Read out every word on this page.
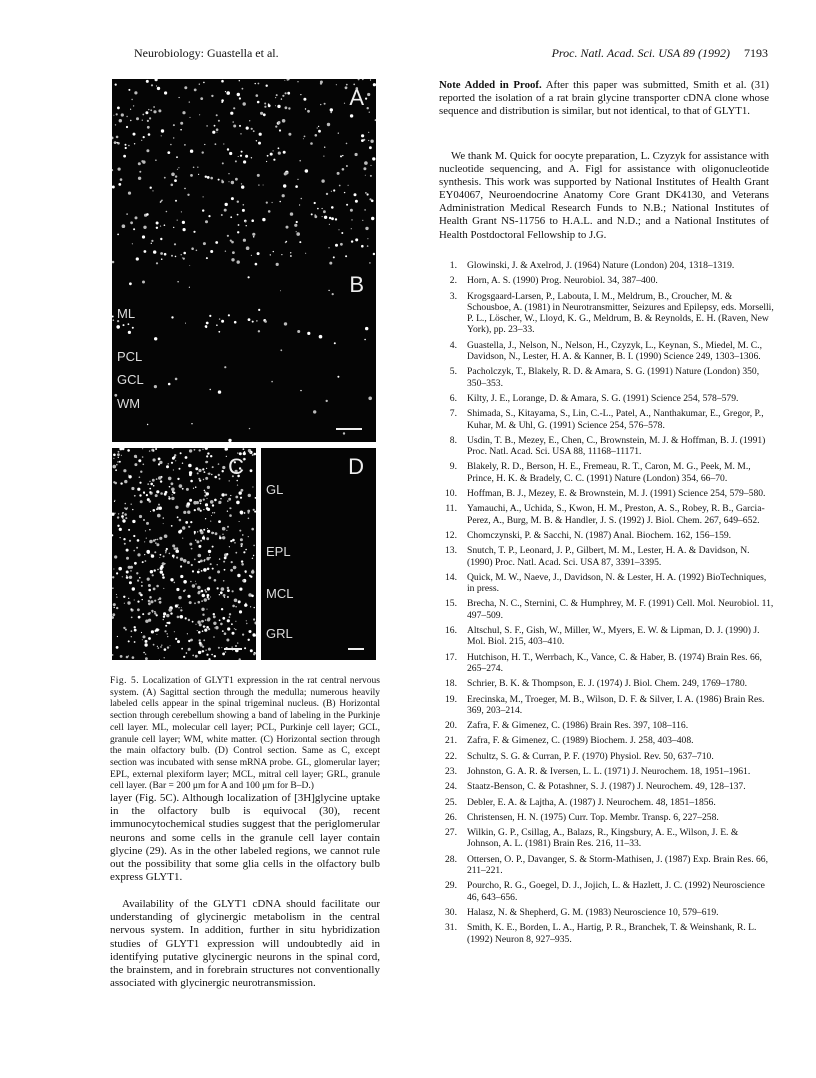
Neurobiology: Guastella et al.	Proc. Natl. Acad. Sci. USA 89 (1992) 7193
A
B
ML
PCL
GCL
WM
C	D
GL
EPL
MCL
GRL
Fig. 5. Localization of GLYT1 expression in the rat central nervous system. (A) Sagittal section through the medulla; numerous heavily labeled cells appear in the spinal trigeminal nucleus. (B) Horizontal section through cerebellum showing a band of labeling in the Purkinje cell layer. ML, molecular cell layer; PCL, Purkinje cell layer; GCL, granule cell layer; WM, white matter. (C) Horizontal section through the main olfactory bulb. (D) Control section. Same as C, except section was incubated with sense mRNA probe. GL, glomerular layer; EPL, external plexiform layer; MCL, mitral cell layer; GRL, granule cell layer. (Bar = 200 μm for A and 100 μm for B–D.)
layer (Fig. 5C). Although localization of [3H]glycine uptake in the olfactory bulb is equivocal (30), recent immunocytochemical studies suggest that the periglomerular neurons and some cells in the granule cell layer contain glycine (29). As in the other labeled regions, we cannot rule out the possibility that some glia cells in the olfactory bulb express GLYT1.
Availability of the GLYT1 cDNA should facilitate our understanding of glycinergic metabolism in the central nervous system. In addition, further in situ hybridization studies of GLYT1 expression will undoubtedly aid in identifying putative glycinergic neurons in the spinal cord, the brainstem, and in forebrain structures not conventionally associated with glycinergic neurotransmission.
Note Added in Proof. After this paper was submitted, Smith et al. (31) reported the isolation of a rat brain glycine transporter cDNA clone whose sequence and distribution is similar, but not identical, to that of GLYT1.
We thank M. Quick for oocyte preparation, L. Czyzyk for assistance with nucleotide sequencing, and A. Figl for assistance with oligonucleotide synthesis. This work was supported by National Institutes of Health Grant EY04067, Neuroendocrine Anatomy Core Grant DK4130, and Veterans Administration Medical Research Funds to N.B.; National Institutes of Health Grant NS-11756 to H.A.L. and N.D.; and a National Institutes of Health Postdoctoral Fellowship to J.G.
1. Glowinski, J. & Axelrod, J. (1964) Nature (London) 204, 1318–1319.
2. Horn, A. S. (1990) Prog. Neurobiol. 34, 387–400.
3. Krogsgaard-Larsen, P., Labouta, I. M., Meldrum, B., Croucher, M. & Schousboe, A. (1981) in Neurotransmitter, Seizures and Epilepsy, eds. Morselli, P. L., Löscher, W., Lloyd, K. G., Meldrum, B. & Reynolds, E. H. (Raven, New York), pp. 23–33.
4. Guastella, J., Nelson, N., Nelson, H., Czyzyk, L., Keynan, S., Miedel, M. C., Davidson, N., Lester, H. A. & Kanner, B. I. (1990) Science 249, 1303–1306.
5. Pacholczyk, T., Blakely, R. D. & Amara, S. G. (1991) Nature (London) 350, 350–353.
6. Kilty, J. E., Lorange, D. & Amara, S. G. (1991) Science 254, 578–579.
7. Shimada, S., Kitayama, S., Lin, C.-L., Patel, A., Nanthakumar, E., Gregor, P., Kuhar, M. & Uhl, G. (1991) Science 254, 576–578.
8. Usdin, T. B., Mezey, E., Chen, C., Brownstein, M. J. & Hoffman, B. J. (1991) Proc. Natl. Acad. Sci. USA 88, 11168–11171.
9. Blakely, R. D., Berson, H. E., Fremeau, R. T., Caron, M. G., Peek, M. M., Prince, H. K. & Bradely, C. C. (1991) Nature (London) 354, 66–70.
10. Hoffman, B. J., Mezey, E. & Brownstein, M. J. (1991) Science 254, 579–580.
11. Yamauchi, A., Uchida, S., Kwon, H. M., Preston, A. S., Robey, R. B., Garcia-Perez, A., Burg, M. B. & Handler, J. S. (1992) J. Biol. Chem. 267, 649–652.
12. Chomczynski, P. & Sacchi, N. (1987) Anal. Biochem. 162, 156–159.
13. Snutch, T. P., Leonard, J. P., Gilbert, M. M., Lester, H. A. & Davidson, N. (1990) Proc. Natl. Acad. Sci. USA 87, 3391–3395.
14. Quick, M. W., Naeve, J., Davidson, N. & Lester, H. A. (1992) BioTechniques, in press.
15. Brecha, N. C., Sternini, C. & Humphrey, M. F. (1991) Cell. Mol. Neurobiol. 11, 497–509.
16. Altschul, S. F., Gish, W., Miller, W., Myers, E. W. & Lipman, D. J. (1990) J. Mol. Biol. 215, 403–410.
17. Hutchison, H. T., Werrbach, K., Vance, C. & Haber, B. (1974) Brain Res. 66, 265–274.
18. Schrier, B. K. & Thompson, E. J. (1974) J. Biol. Chem. 249, 1769–1780.
19. Erecinska, M., Troeger, M. B., Wilson, D. F. & Silver, I. A. (1986) Brain Res. 369, 203–214.
20. Zafra, F. & Gimenez, C. (1986) Brain Res. 397, 108–116.
21. Zafra, F. & Gimenez, C. (1989) Biochem. J. 258, 403–408.
22. Schultz, S. G. & Curran, P. F. (1970) Physiol. Rev. 50, 637–710.
23. Johnston, G. A. R. & Iversen, L. L. (1971) J. Neurochem. 18, 1951–1961.
24. Staatz-Benson, C. & Potashner, S. J. (1987) J. Neurochem. 49, 128–137.
25. Debler, E. A. & Lajtha, A. (1987) J. Neurochem. 48, 1851–1856.
26. Christensen, H. N. (1975) Curr. Top. Membr. Transp. 6, 227–258.
27. Wilkin, G. P., Csillag, A., Balazs, R., Kingsbury, A. E., Wilson, J. E. & Johnson, A. L. (1981) Brain Res. 216, 11–33.
28. Ottersen, O. P., Davanger, S. & Storm-Mathisen, J. (1987) Exp. Brain Res. 66, 211–221.
29. Pourcho, R. G., Goegel, D. J., Jojich, L. & Hazlett, J. C. (1992) Neuroscience 46, 643–656.
30. Halasz, N. & Shepherd, G. M. (1983) Neuroscience 10, 579–619.
31. Smith, K. E., Borden, L. A., Hartig, P. R., Branchek, T. & Weinshank, R. L. (1992) Neuron 8, 927–935.
